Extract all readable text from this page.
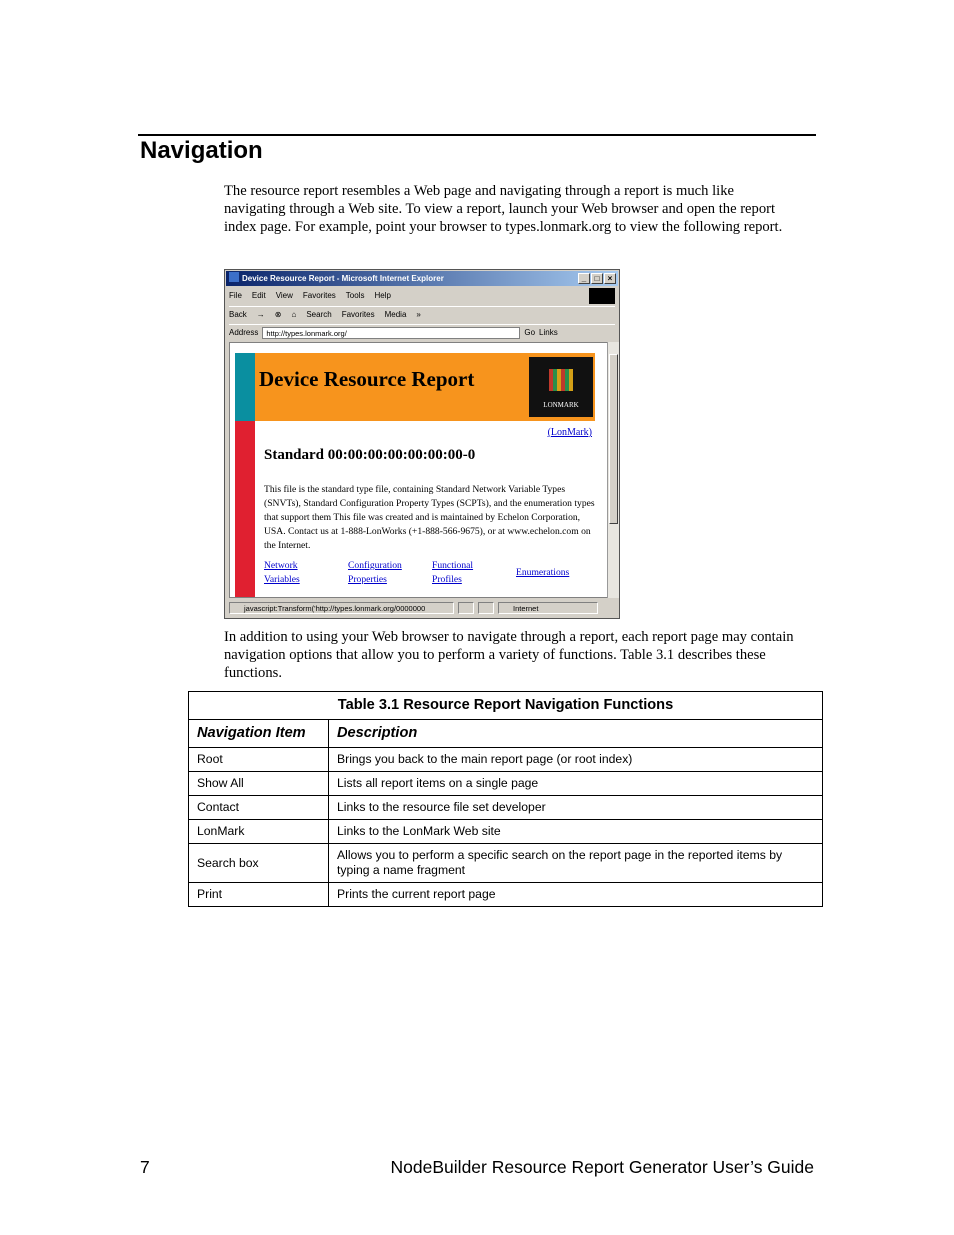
Navigation

The resource report resembles a Web page and navigating through a report is much like navigating through a Web site. To view a report, launch your Web browser and open the report index page. For example, point your browser to types.lonmark.org to view the following report.

Device Resource Report - Microsoft Internet Explorer	_	□	×
File Edit View Favorites Tools Help
Back → ⊗ ⌂ Search Favorites Media »
Address	http://types.lonmark.org/	Go Links
Device Resource Report
LONMARK
(LonMark)
Standard 00:00:00:00:00:00:00-0

This file is the standard type file, containing Standard Network Variable Types (SNVTs), Standard Configuration Property Types (SCPTs), and the enumeration types that support them This file was created and is maintained by Echelon Corporation, USA. Contact us at 1-888-LonWorks (+1-888-566-9675), or at www.echelon.com on the Internet.

Network Variables
Configuration Properties
Functional Profiles
Enumerations
javascript:Transform('http://types.lonmark.org/0000000	Internet

In addition to using your Web browser to navigate through a report, each report page may contain navigation options that allow you to perform a variety of functions. Table 3.1 describes these functions.

Table 3.1 Resource Report Navigation Functions	
Navigation Item	Description
Root	Brings you back to the main report page (or root index)
Show All	Lists all report items on a single page
Contact	Links to the resource file set developer
LonMark	Links to the LonMark Web site
Search box	Allows you to perform a specific search on the report page in the reported items by typing a name fragment
Print	Prints the current report page
7	NodeBuilder Resource Report Generator User’s Guide
